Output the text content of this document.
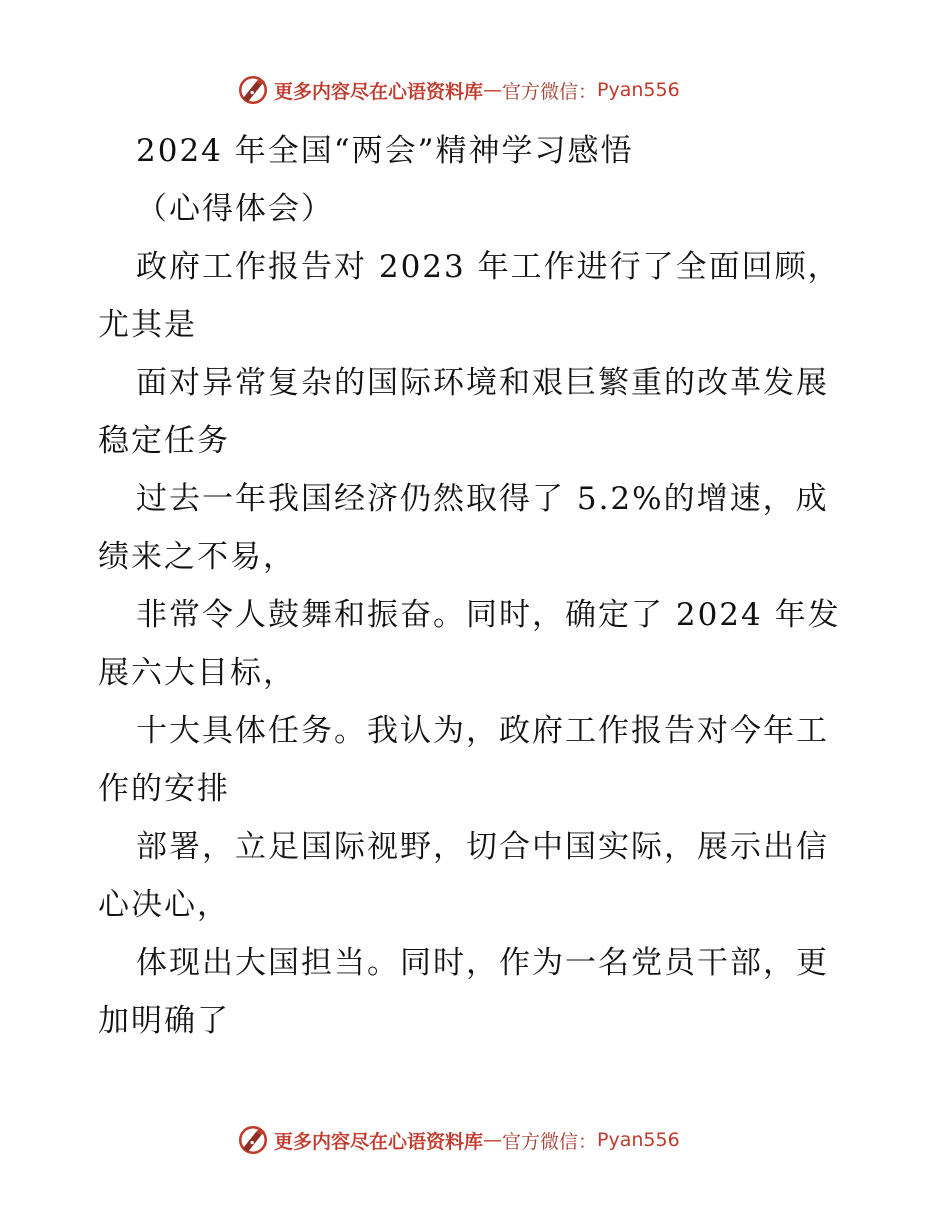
更多内容尽在心语资料库 — 官方微信： Pyan556
2024 年全国“两会”精神学习感悟
（心得体会）
政府工作报告对 2023 年工作进行了全面回顾，
尤其是
面对异常复杂的国际环境和艰巨繁重的改革发展
稳定任务
过去一年我国经济仍然取得了 5.2%的增速，成
绩来之不易，
非常令人鼓舞和振奋。同时，确定了 2024 年发
展六大目标，
十大具体任务。我认为，政府工作报告对今年工
作的安排
部署，立足国际视野，切合中国实际，展示出信
心决心，
体现出大国担当。同时，作为一名党员干部，更
加明确了
更多内容尽在心语资料库 — 官方微信： Pyan556
